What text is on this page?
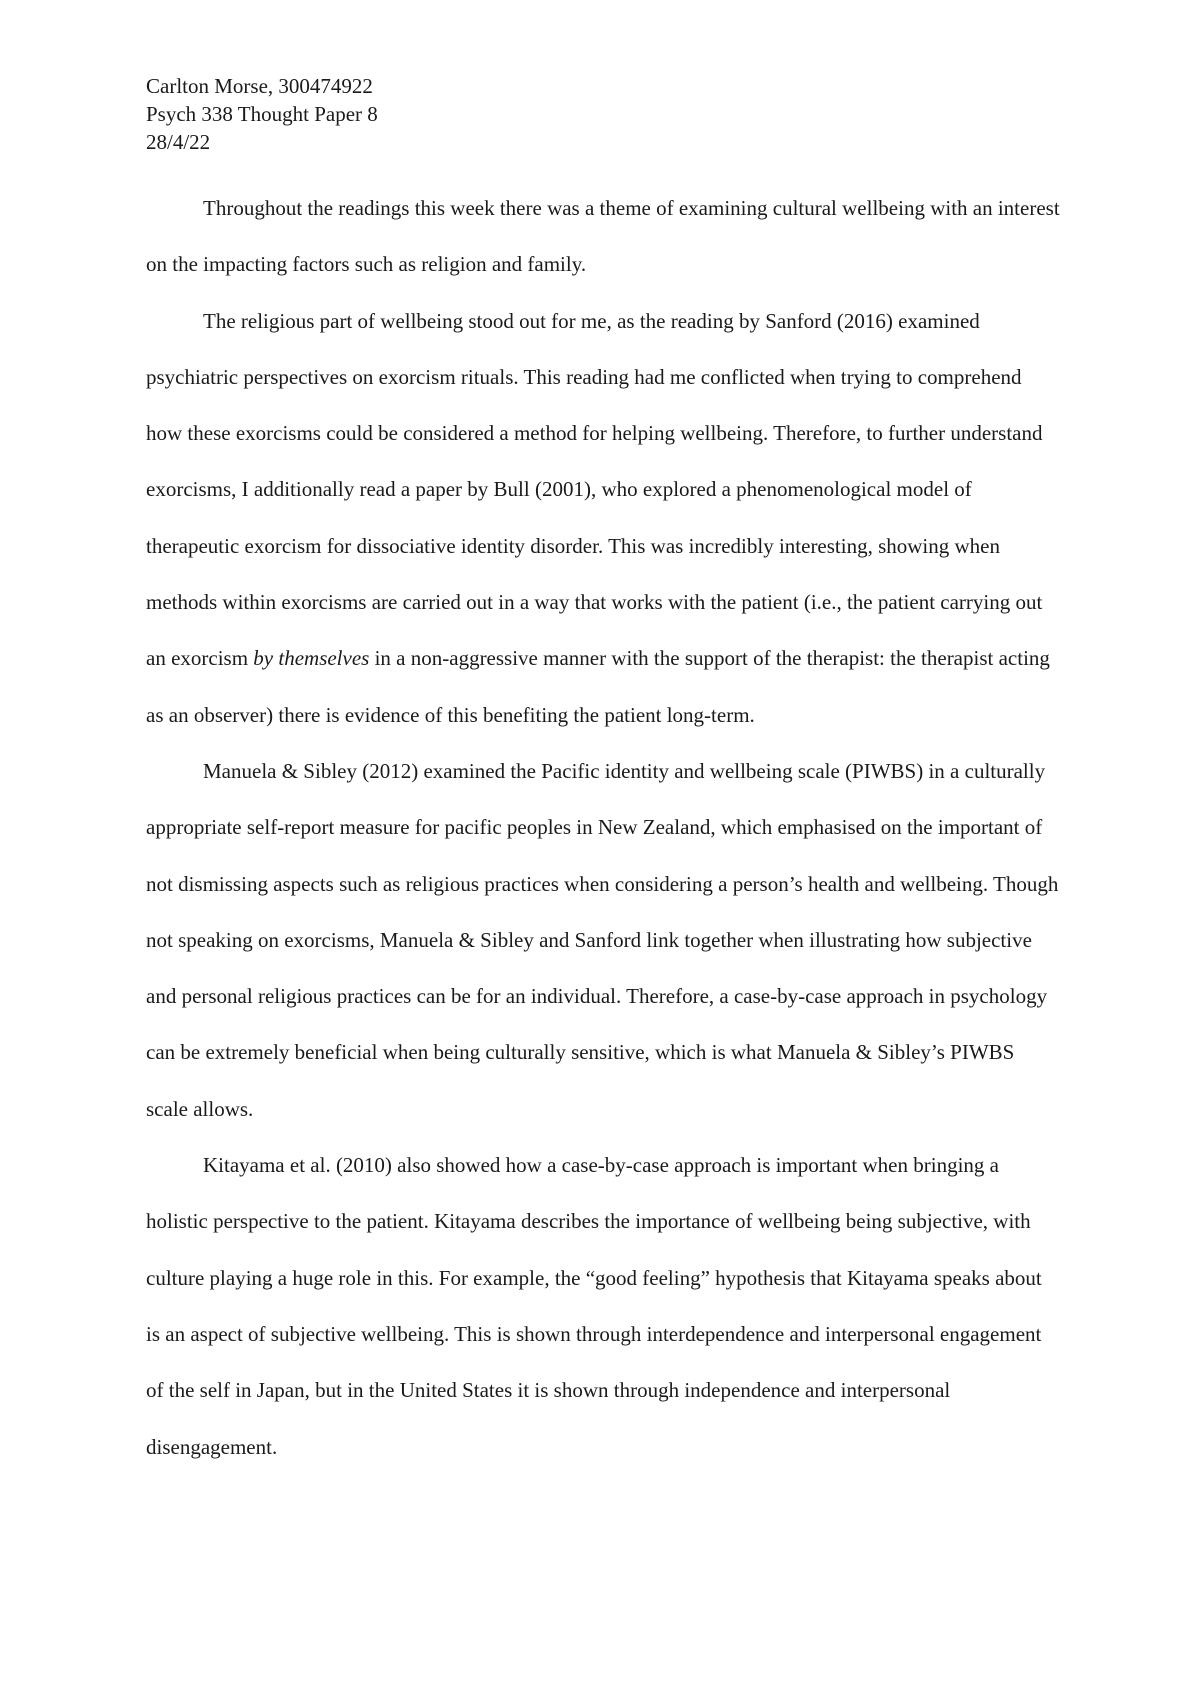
Carlton Morse, 300474922
Psych 338 Thought Paper 8
28/4/22

Throughout the readings this week there was a theme of examining cultural wellbeing with an interest on the impacting factors such as religion and family.

The religious part of wellbeing stood out for me, as the reading by Sanford (2016) examined psychiatric perspectives on exorcism rituals. This reading had me conflicted when trying to comprehend how these exorcisms could be considered a method for helping wellbeing. Therefore, to further understand exorcisms, I additionally read a paper by Bull (2001), who explored a phenomenological model of therapeutic exorcism for dissociative identity disorder. This was incredibly interesting, showing when methods within exorcisms are carried out in a way that works with the patient (i.e., the patient carrying out an exorcism by themselves in a non-aggressive manner with the support of the therapist: the therapist acting as an observer) there is evidence of this benefiting the patient long-term.

Manuela & Sibley (2012) examined the Pacific identity and wellbeing scale (PIWBS) in a culturally appropriate self-report measure for pacific peoples in New Zealand, which emphasised on the important of not dismissing aspects such as religious practices when considering a person’s health and wellbeing. Though not speaking on exorcisms, Manuela & Sibley and Sanford link together when illustrating how subjective and personal religious practices can be for an individual. Therefore, a case-by-case approach in psychology can be extremely beneficial when being culturally sensitive, which is what Manuela & Sibley’s PIWBS scale allows.

Kitayama et al. (2010) also showed how a case-by-case approach is important when bringing a holistic perspective to the patient. Kitayama describes the importance of wellbeing being subjective, with culture playing a huge role in this. For example, the “good feeling” hypothesis that Kitayama speaks about is an aspect of subjective wellbeing. This is shown through interdependence and interpersonal engagement of the self in Japan, but in the United States it is shown through independence and interpersonal disengagement.
